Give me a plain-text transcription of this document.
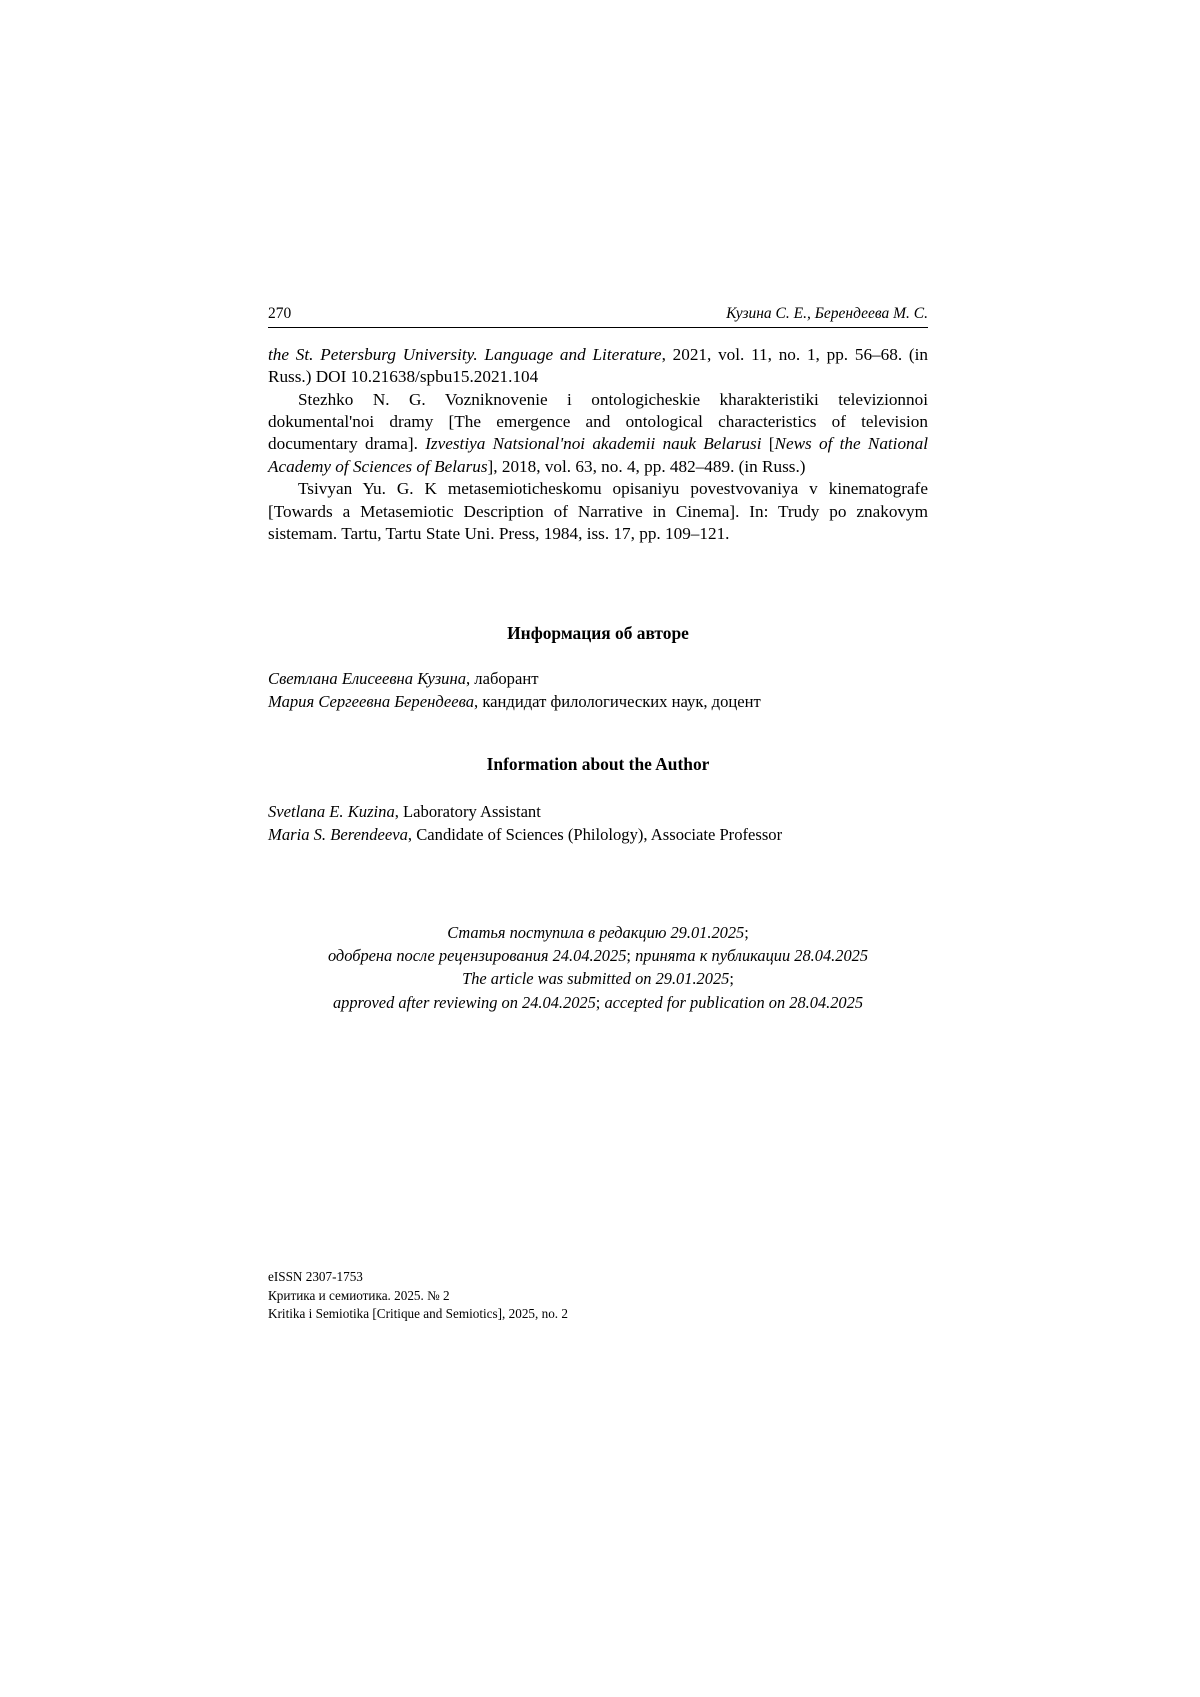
270	Кузина С. Е., Берендеева М. С.

the St. Petersburg University. Language and Literature, 2021, vol. 11, no. 1, pp. 56–68. (in Russ.) DOI 10.21638/spbu15.2021.104

Stezhko N. G. Vozniknovenie i ontologicheskie kharakteristiki televizionnoi dokumental'noi dramy [The emergence and ontological characteristics of television documentary drama]. Izvestiya Natsional'noi akademii nauk Belarusi [News of the National Academy of Sciences of Belarus], 2018, vol. 63, no. 4, pp. 482–489. (in Russ.)

Tsivyan Yu. G. K metasemioticheskomu opisaniyu povestvovaniya v kinematografe [Towards a Metasemiotic Description of Narrative in Cinema]. In: Trudy po znakovym sistemam. Tartu, Tartu State Uni. Press, 1984, iss. 17, pp. 109–121.

Информация об авторе
Светлана Елисеевна Кузина, лаборант
Мария Сергеевна Берендеева, кандидат филологических наук, доцент
Information about the Author
Svetlana E. Kuzina, Laboratory Assistant
Maria S. Berendeeva, Candidate of Sciences (Philology), Associate Professor
Статья поступила в редакцию 29.01.2025;
одобрена после рецензирования 24.04.2025; принята к публикации 28.04.2025
The article was submitted on 29.01.2025;
approved after reviewing on 24.04.2025; accepted for publication on 28.04.2025
eISSN 2307-1753
Критика и семиотика. 2025. № 2
Kritika i Semiotika [Critique and Semiotics], 2025, no. 2
